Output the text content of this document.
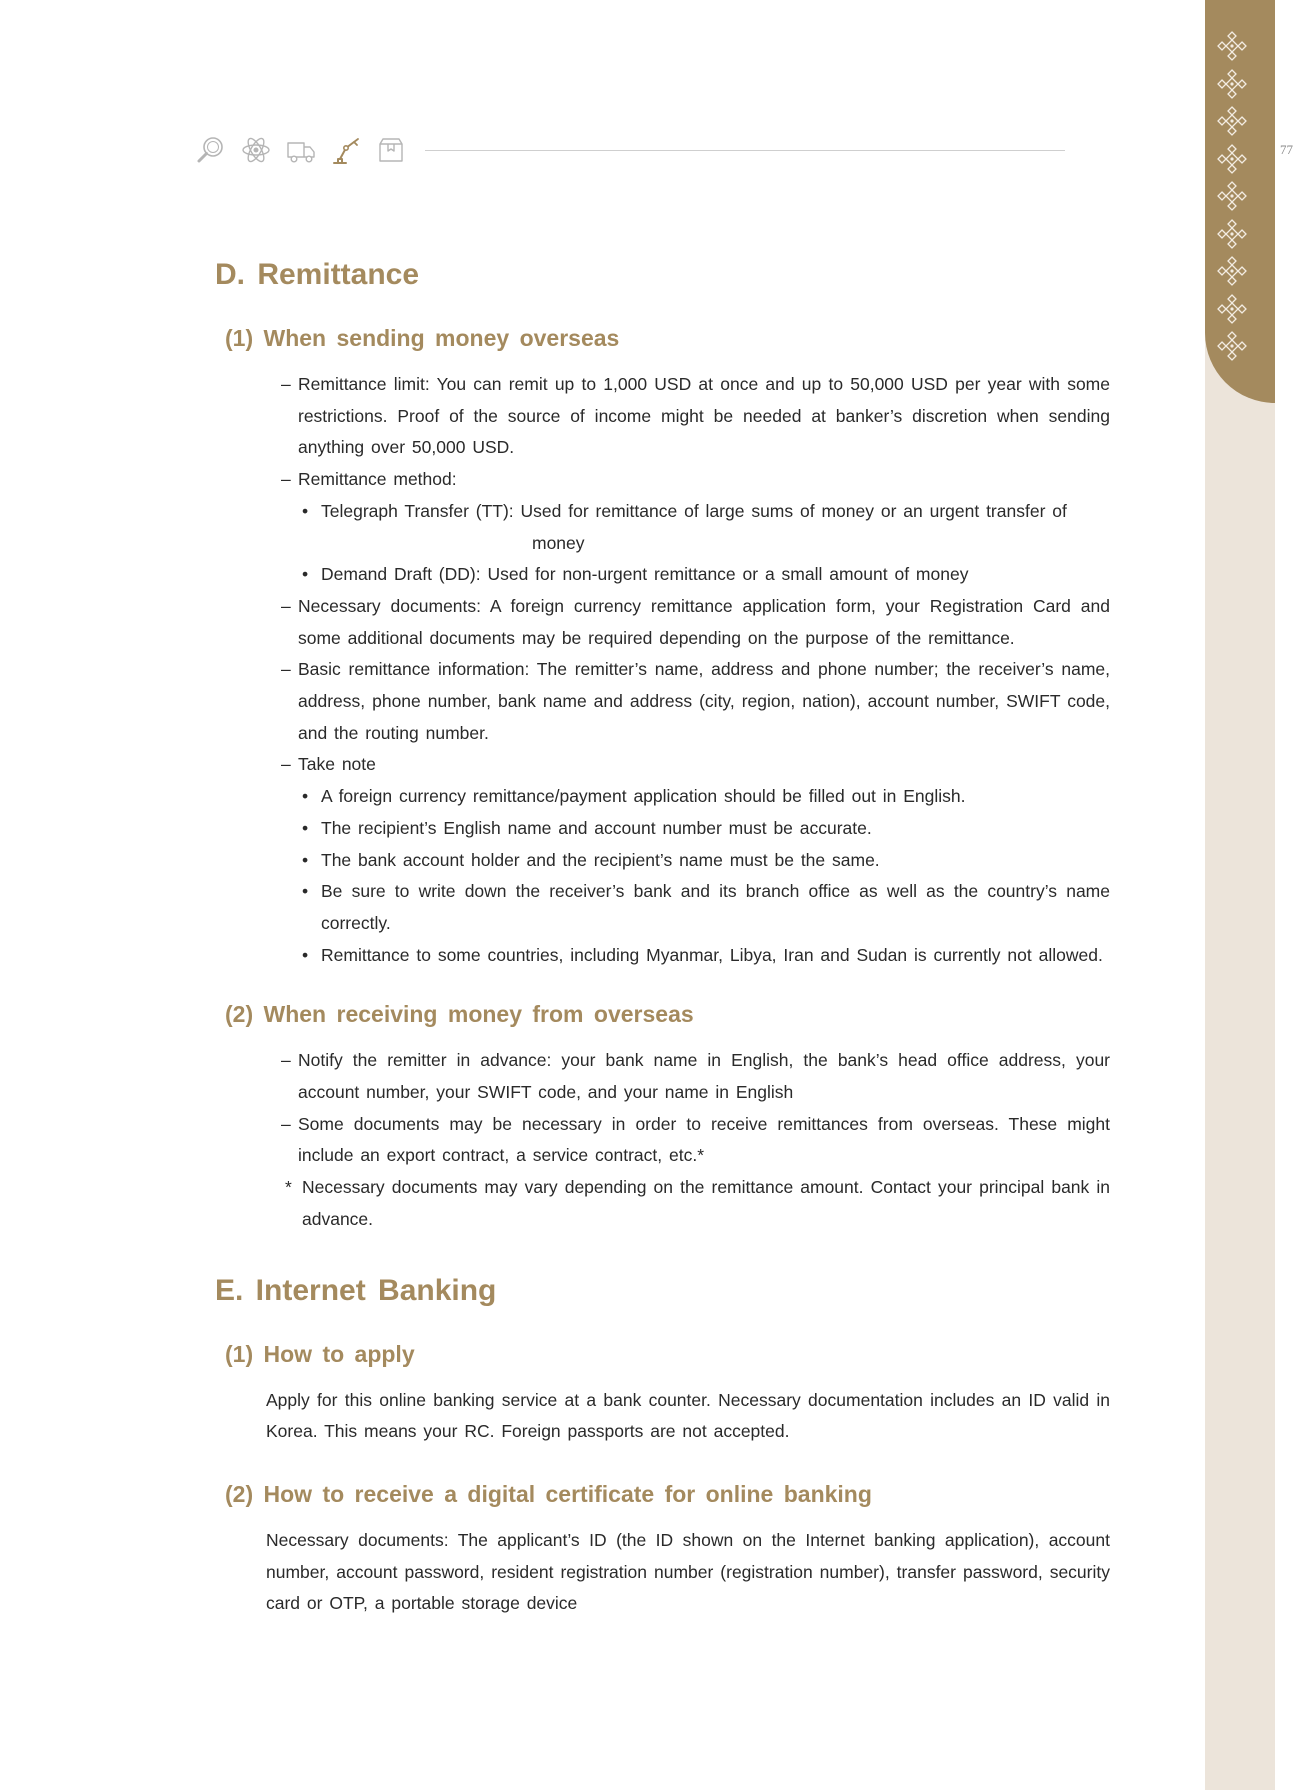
77
D. Remittance
(1) When sending money overseas
– Remittance limit: You can remit up to 1,000 USD at once and up to 50,000 USD per year with some restrictions. Proof of the source of income might be needed at banker’s discretion when sending anything over 50,000 USD.
– Remittance method:
• Telegraph Transfer (TT): Used for remittance of large sums of money or an urgent transfer of
money
• Demand Draft (DD): Used for non-urgent remittance or a small amount of money
– Necessary documents: A foreign currency remittance application form, your Registration Card and some additional documents may be required depending on the purpose of the remittance.
– Basic remittance information: The remitter’s name, address and phone number; the receiver’s name, address, phone number, bank name and address (city, region, nation), account number, SWIFT code, and the routing number.
– Take note
• A foreign currency remittance/payment application should be filled out in English.
• The recipient’s English name and account number must be accurate.
• The bank account holder and the recipient’s name must be the same.
• Be sure to write down the receiver’s bank and its branch office as well as the country’s name correctly.
• Remittance to some countries, including Myanmar, Libya, Iran and Sudan is currently not allowed.
(2) When receiving money from overseas
– Notify the remitter in advance: your bank name in English, the bank’s head office address, your account number, your SWIFT code, and your name in English
– Some documents may be necessary in order to receive remittances from overseas. These might include an export contract, a service contract, etc.*
* Necessary documents may vary depending on the remittance amount. Contact your principal bank in advance.
E. Internet Banking
(1) How to apply
Apply for this online banking service at a bank counter. Necessary documentation includes an ID valid in Korea. This means your RC. Foreign passports are not accepted.
(2) How to receive a digital certificate for online banking
Necessary documents: The applicant’s ID (the ID shown on the Internet banking application), account number, account password, resident registration number (registration number), transfer password, security card or OTP, a portable storage device
